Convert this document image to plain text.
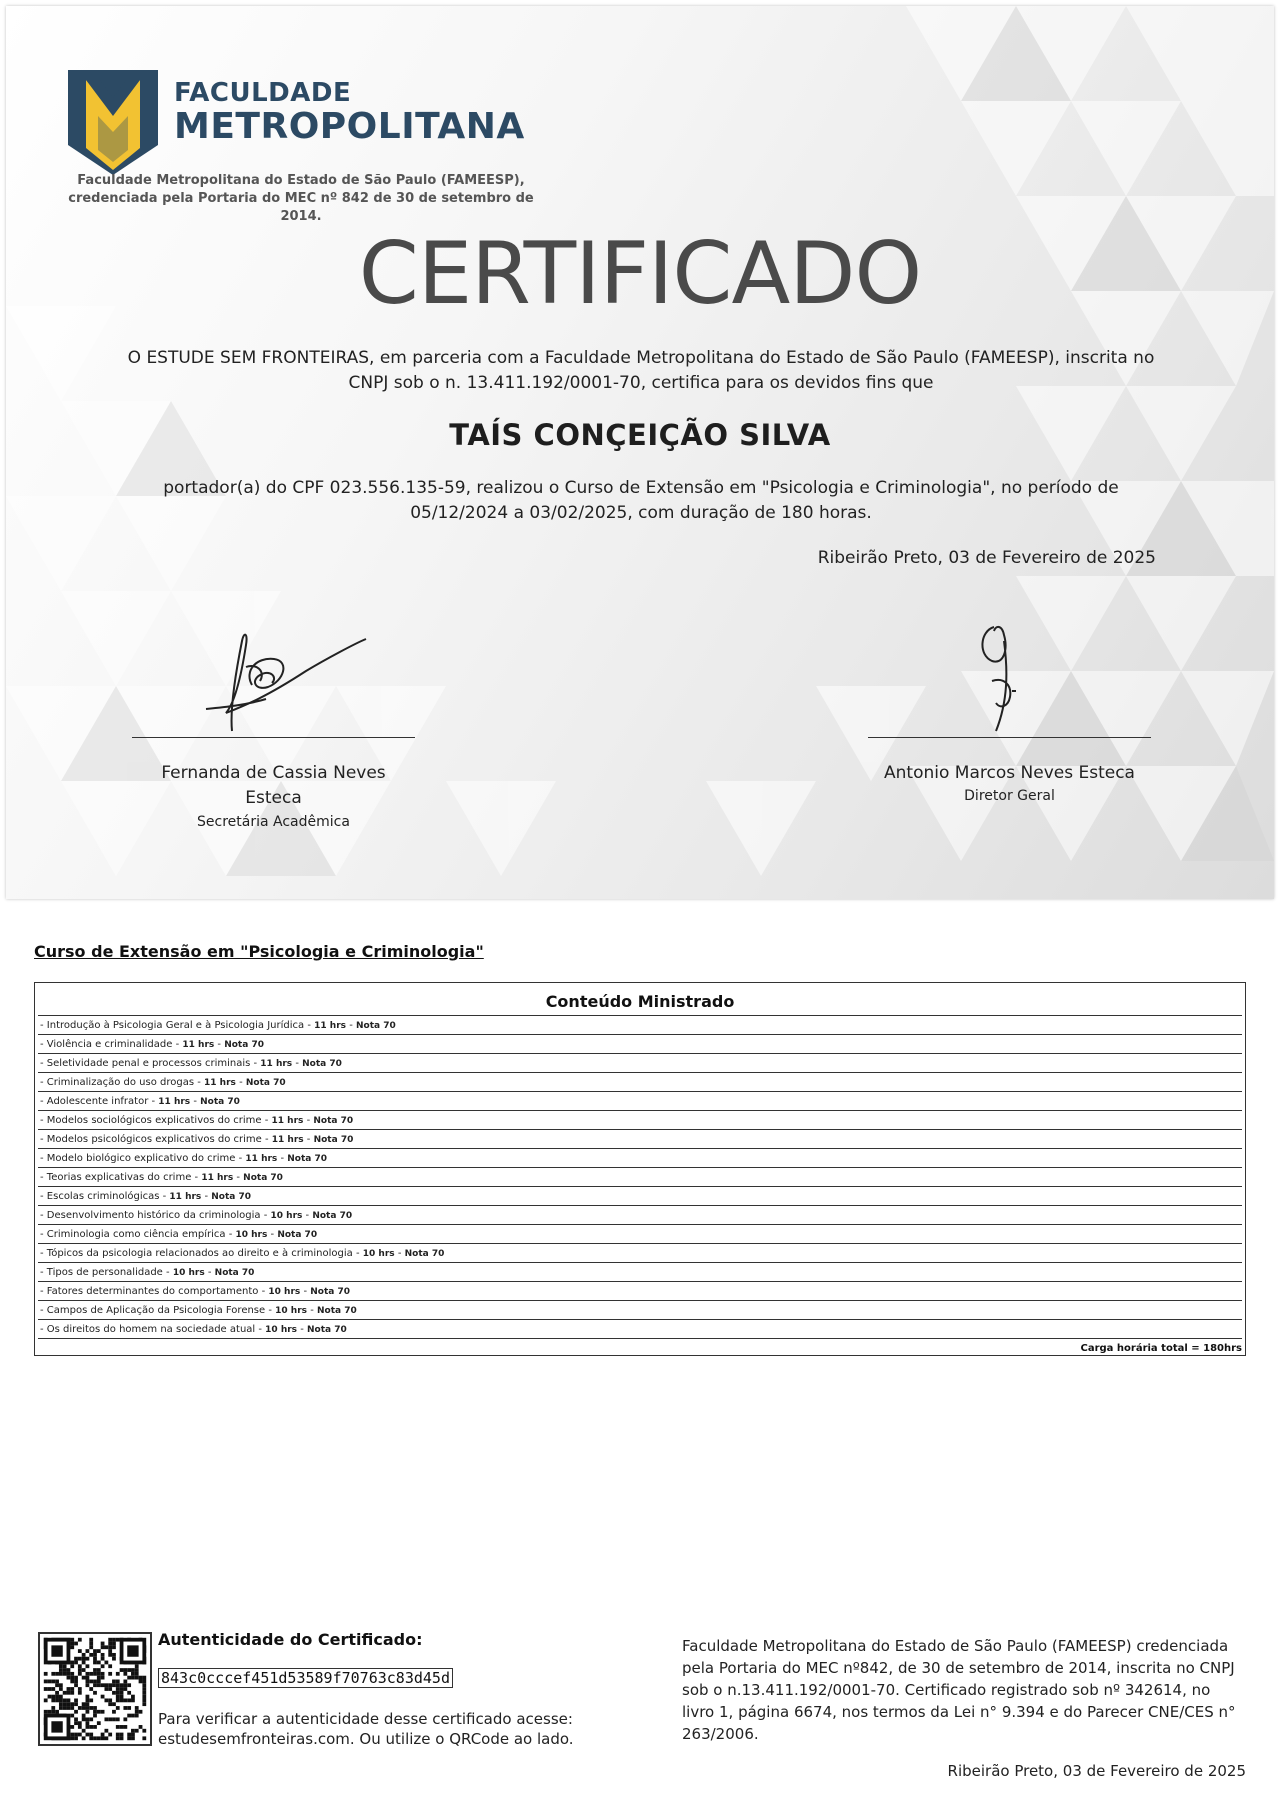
FACULDADE
METROPOLITANA
Faculdade Metropolitana do Estado de São Paulo (FAMEESP),
credenciada pela Portaria do MEC nº 842 de 30 de setembro de 2014.
CERTIFICADO
O ESTUDE SEM FRONTEIRAS, em parceria com a Faculdade Metropolitana do Estado de São Paulo (FAMEESP), inscrita no
CNPJ sob o n. 13.411.192/0001-70, certifica para os devidos fins que
TAÍS CONÇEIÇÃO SILVA
portador(a) do CPF 023.556.135-59, realizou o Curso de Extensão em "Psicologia e Criminologia", no período de
05/12/2024 a 03/02/2025, com duração de 180 horas.
Ribeirão Preto, 03 de Fevereiro de 2025
Fernanda de Cassia Neves
Esteca
Secretária Acadêmica
Antonio Marcos Neves Esteca
Diretor Geral
Curso de Extensão em "Psicologia e Criminologia"
Conteúdo Ministrado
- Introdução à Psicologia Geral e à Psicologia Jurídica - 11 hrs - Nota 70
- Violência e criminalidade - 11 hrs - Nota 70
- Seletividade penal e processos criminais - 11 hrs - Nota 70
- Criminalização do uso drogas - 11 hrs - Nota 70
- Adolescente infrator - 11 hrs - Nota 70
- Modelos sociológicos explicativos do crime - 11 hrs - Nota 70
- Modelos psicológicos explicativos do crime - 11 hrs - Nota 70
- Modelo biológico explicativo do crime - 11 hrs - Nota 70
- Teorias explicativas do crime - 11 hrs - Nota 70
- Escolas criminológicas - 11 hrs - Nota 70
- Desenvolvimento histórico da criminologia - 10 hrs - Nota 70
- Criminologia como ciência empírica - 10 hrs - Nota 70
- Tópicos da psicologia relacionados ao direito e à criminologia - 10 hrs - Nota 70
- Tipos de personalidade - 10 hrs - Nota 70
- Fatores determinantes do comportamento - 10 hrs - Nota 70
- Campos de Aplicação da Psicologia Forense - 10 hrs - Nota 70
- Os direitos do homem na sociedade atual - 10 hrs - Nota 70
Carga horária total = 180hrs
Autenticidade do Certificado:
843c0cccef451d53589f70763c83d45d
Para verificar a autenticidade desse certificado acesse:
estudesemfronteiras.com. Ou utilize o QRCode ao lado.
Faculdade Metropolitana do Estado de São Paulo (FAMEESP) credenciada pela Portaria do MEC nº842, de 30 de setembro de 2014, inscrita no CNPJ sob o n.13.411.192/0001-70. Certificado registrado sob nº 342614, no livro 1, página 6674, nos termos da Lei n° 9.394 e do Parecer CNE/CES n° 263/2006.
Ribeirão Preto, 03 de Fevereiro de 2025
